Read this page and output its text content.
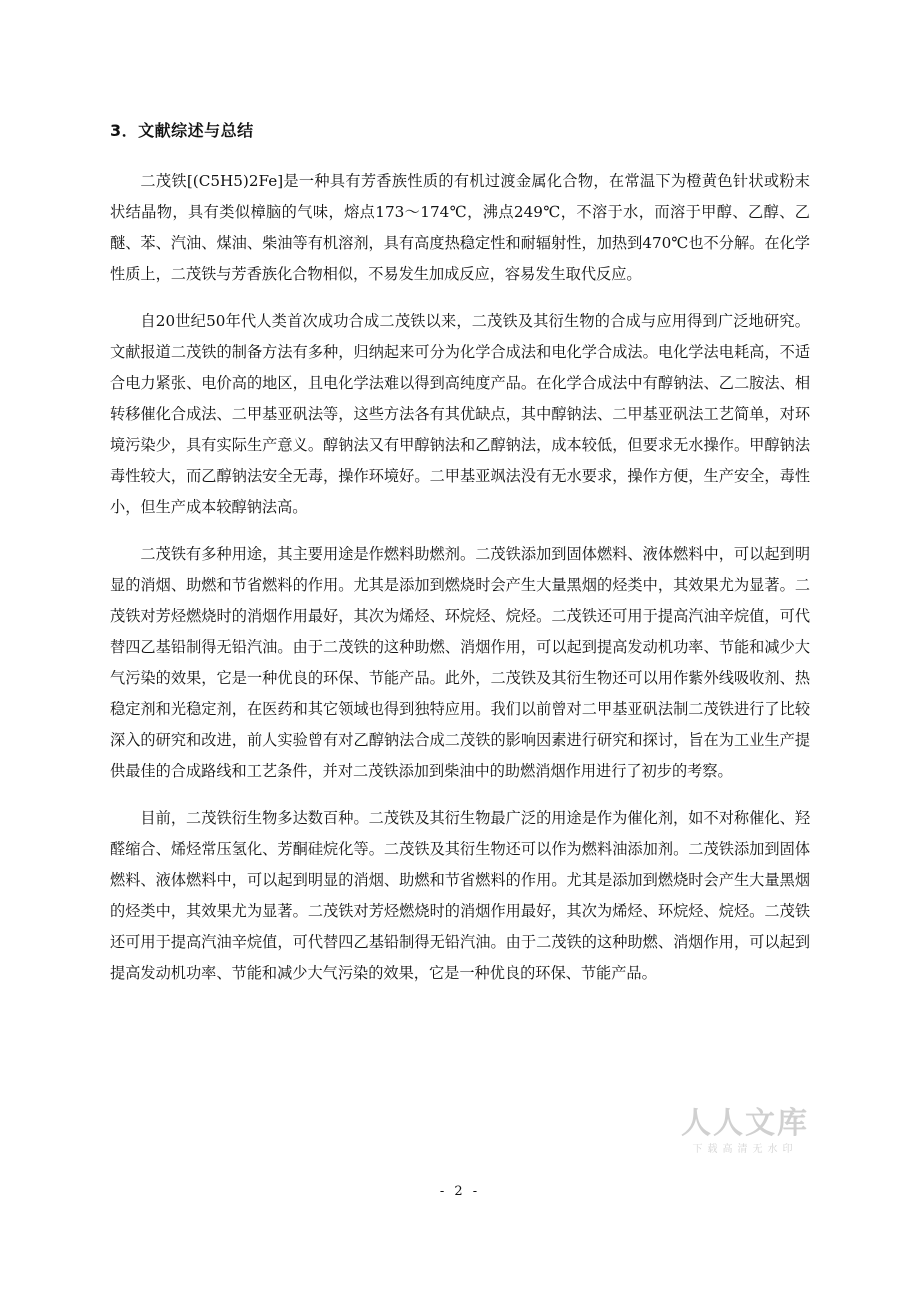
3．文献综述与总结

二茂铁[(C5H5)2Fe]是一种具有芳香族性质的有机过渡金属化合物，在常温下为橙黄色针状或粉末状结晶物，具有类似樟脑的气味，熔点173～174℃，沸点249℃，不溶于水，而溶于甲醇、乙醇、乙醚、苯、汽油、煤油、柴油等有机溶剂，具有高度热稳定性和耐辐射性，加热到470℃也不分解。在化学性质上，二茂铁与芳香族化合物相似，不易发生加成反应，容易发生取代反应。

自20世纪50年代人类首次成功合成二茂铁以来，二茂铁及其衍生物的合成与应用得到广泛地研究。文献报道二茂铁的制备方法有多种，归纳起来可分为化学合成法和电化学合成法。电化学法电耗高，不适合电力紧张、电价高的地区，且电化学法难以得到高纯度产品。在化学合成法中有醇钠法、乙二胺法、相转移催化合成法、二甲基亚矾法等，这些方法各有其优缺点，其中醇钠法、二甲基亚矾法工艺简单，对环境污染少，具有实际生产意义。醇钠法又有甲醇钠法和乙醇钠法，成本较低，但要求无水操作。甲醇钠法毒性较大，而乙醇钠法安全无毒，操作环境好。二甲基亚飒法没有无水要求，操作方便，生产安全，毒性小，但生产成本较醇钠法高。

二茂铁有多种用途，其主要用途是作燃料助燃剂。二茂铁添加到固体燃料、液体燃料中，可以起到明显的消烟、助燃和节省燃料的作用。尤其是添加到燃烧时会产生大量黑烟的烃类中，其效果尤为显著。二茂铁对芳烃燃烧时的消烟作用最好，其次为烯烃、环烷烃、烷烃。二茂铁还可用于提高汽油辛烷值，可代替四乙基铅制得无铅汽油。由于二茂铁的这种助燃、消烟作用，可以起到提高发动机功率、节能和减少大气污染的效果，它是一种优良的环保、节能产品。此外，二茂铁及其衍生物还可以用作紫外线吸收剂、热稳定剂和光稳定剂，在医药和其它领域也得到独特应用。我们以前曾对二甲基亚矾法制二茂铁进行了比较深入的研究和改进，前人实验曾有对乙醇钠法合成二茂铁的影响因素进行研究和探讨，旨在为工业生产提供最佳的合成路线和工艺条件，并对二茂铁添加到柴油中的助燃消烟作用进行了初步的考察。

目前，二茂铁衍生物多达数百种。二茂铁及其衍生物最广泛的用途是作为催化剂，如不对称催化、羟醛缩合、烯烃常压氢化、芳酮硅烷化等。二茂铁及其衍生物还可以作为燃料油添加剂。二茂铁添加到固体燃料、液体燃料中，可以起到明显的消烟、助燃和节省燃料的作用。尤其是添加到燃烧时会产生大量黑烟的烃类中，其效果尤为显著。二茂铁对芳烃燃烧时的消烟作用最好，其次为烯烃、环烷烃、烷烃。二茂铁还可用于提高汽油辛烷值，可代替四乙基铅制得无铅汽油。由于二茂铁的这种助燃、消烟作用，可以起到提高发动机功率、节能和减少大气污染的效果，它是一种优良的环保、节能产品。

人人文库
下载高清无水印
- 2 -
